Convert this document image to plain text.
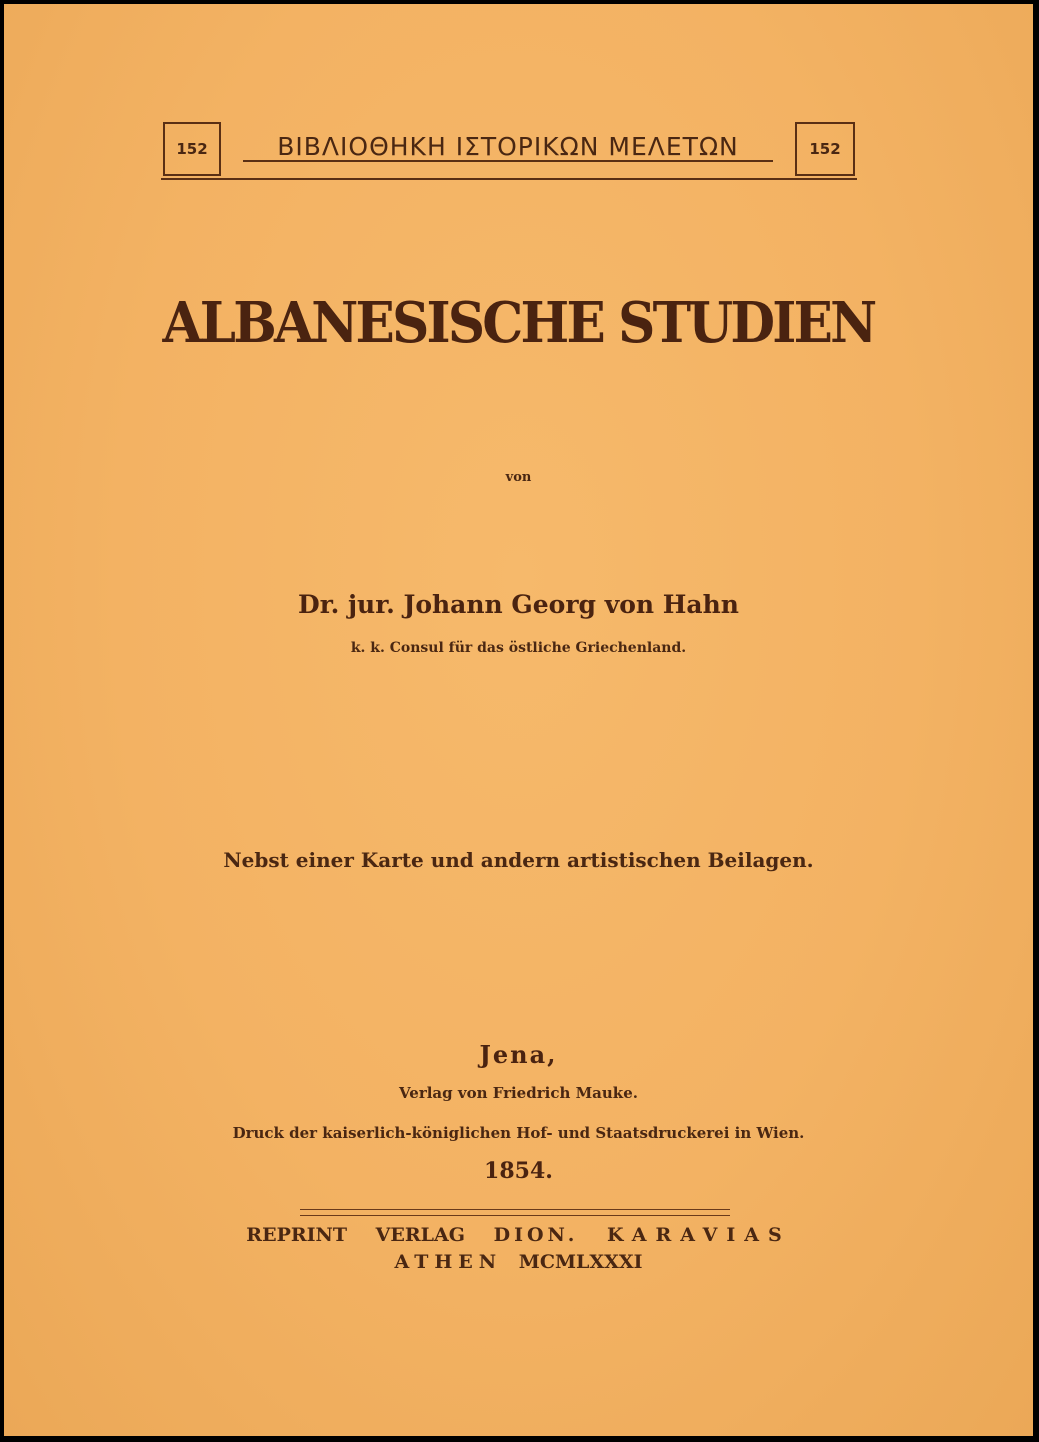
152	ΒΙΒΛΙΟΘΗΚΗ ΙΣΤΟΡΙΚΩΝ ΜΕΛΕΤΩΝ	152
ALBANESISCHE STUDIEN
von
Dr. jur. Johann Georg von Hahn
k. k. Consul für das östliche Griechenland.
Nebst einer Karte und andern artistischen Beilagen.
Jena,
Verlag von Friedrich Mauke.
Druck der kaiserlich-königlichen Hof- und Staatsdruckerei in Wien.
1854.
REPRINT VERLAG DION. KARAVIAS
ATHEN MCMLXXXI
